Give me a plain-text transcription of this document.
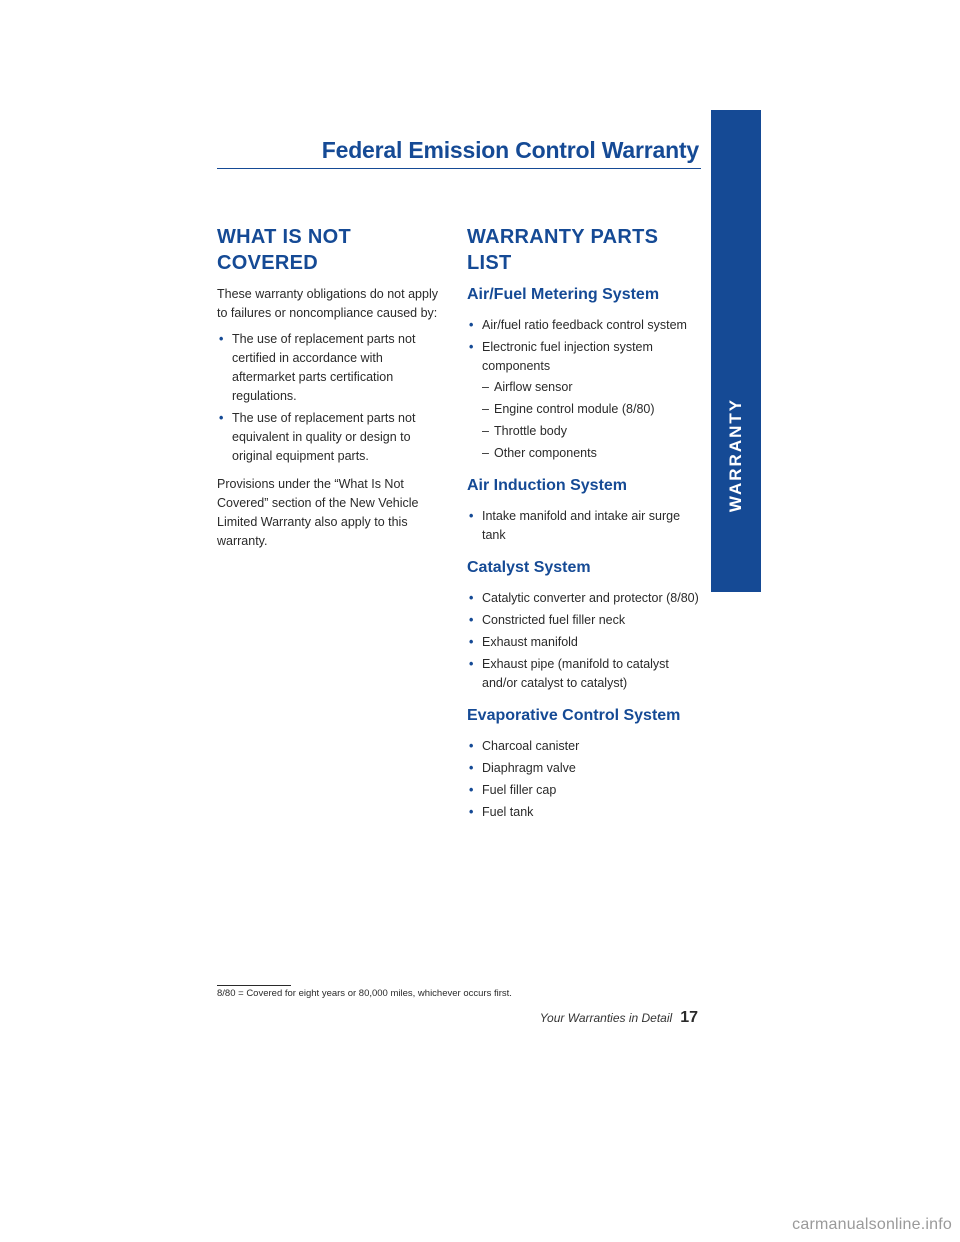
WARRANTY
Federal Emission Control Warranty
WHAT IS NOT COVERED

These warranty obligations do not apply to failures or noncompliance caused by:

• The use of replacement parts not certified in accordance with aftermarket parts certification regulations.
• The use of replacement parts not equivalent in quality or design to original equipment parts.

Provisions under the “What Is Not Covered” section of the New Vehicle Limited Warranty also apply to this warranty.

WARRANTY PARTS LIST
Air/Fuel Metering System
• Air/fuel ratio feedback control system
• Electronic fuel injection system components
– Airflow sensor
– Engine control module (8/80)
– Throttle body
– Other components
Air Induction System
• Intake manifold and intake air surge tank
Catalyst System
• Catalytic converter and protector (8/80)
• Constricted fuel filler neck
• Exhaust manifold
• Exhaust pipe (manifold to catalyst and/or catalyst to catalyst)
Evaporative Control System
• Charcoal canister
• Diaphragm valve
• Fuel filler cap
• Fuel tank
8/80 = Covered for eight years or 80,000 miles, whichever occurs first.
Your Warranties in Detail 17
carmanualsonline.info
